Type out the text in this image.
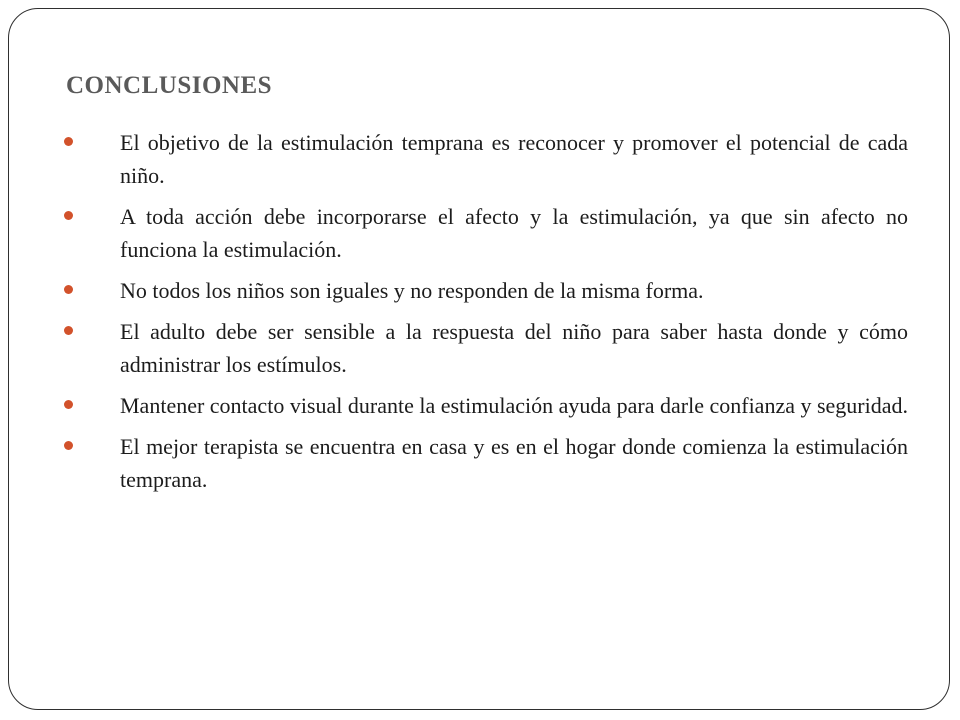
CONCLUSIONES
El objetivo de la estimulación temprana es reconocer y promover el potencial de cada niño.
A toda acción debe incorporarse el afecto y la estimulación, ya que sin afecto no funciona la estimulación.
No todos los niños son iguales y no responden de la misma forma.
El adulto debe ser sensible a la respuesta del niño para saber hasta donde y cómo administrar los estímulos.
Mantener contacto visual durante la estimulación ayuda para darle confianza y seguridad.
El mejor terapista se encuentra en casa y es en el hogar donde comienza la estimulación temprana.
